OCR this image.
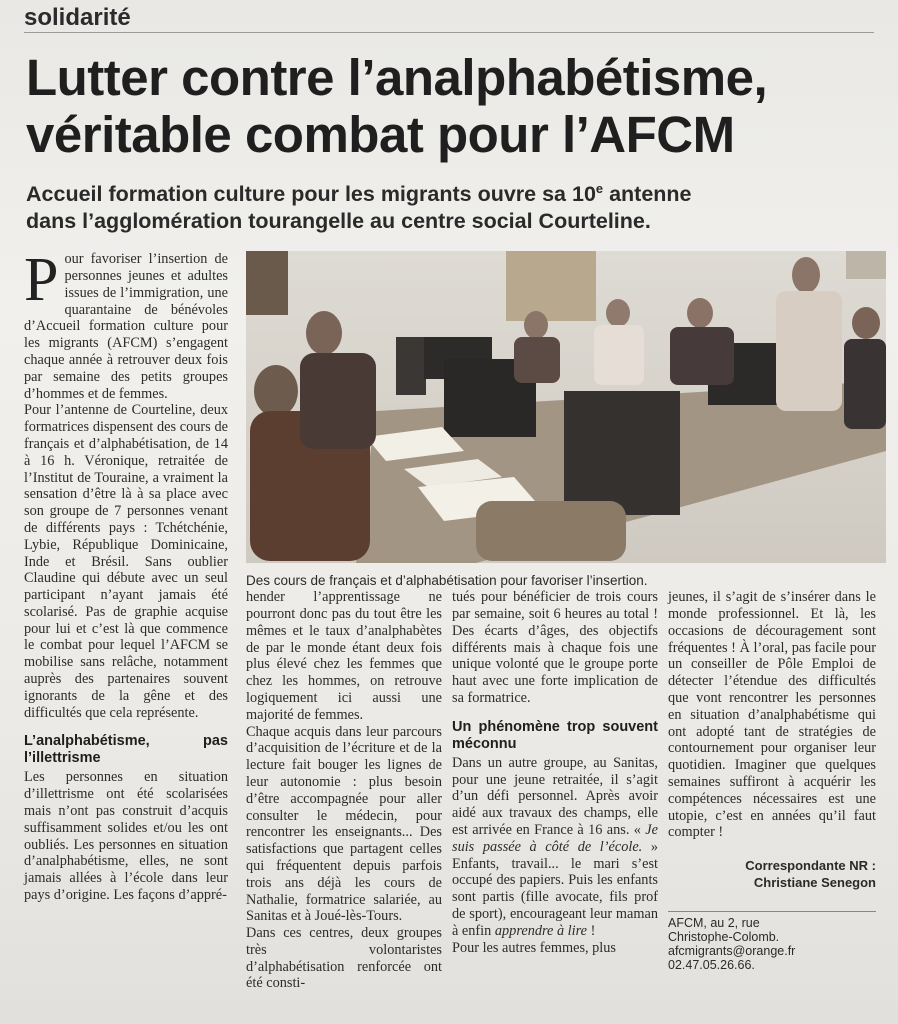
solidarité
Lutter contre l’analphabétisme,
véritable combat pour l’AFCM
Accueil formation culture pour les migrants ouvre sa 10e antenne
dans l’agglomération tourangelle au centre social Courteline.
P our favoriser l’insertion de personnes jeunes et adultes issues de l’immigration, une quarantaine de bénévoles d’Accueil formation culture pour les migrants (AFCM) s’engagent chaque année à retrouver deux fois par semaine des petits groupes d’hommes et de femmes.

Pour l’antenne de Courteline, deux formatrices dispensent des cours de français et d’alphabétisation, de 14 à 16 h. Véronique, retraitée de l’Institut de Touraine, a vraiment la sensation d’être là à sa place avec son groupe de 7 personnes venant de différents pays : Tchétchénie, Lybie, République Dominicaine, Inde et Brésil. Sans oublier Claudine qui débute avec un seul participant n’ayant jamais été scolarisé. Pas de graphie acquise pour lui et c’est là que commence le combat pour lequel l’AFCM se mobilise sans relâche, notamment auprès des partenaires souvent ignorants de la gêne et des difficultés que cela représente.

L’analphabétisme, pas l’illettrisme

Les personnes en situation d’illettrisme ont été scolarisées mais n’ont pas construit d’acquis suffisamment solides et/ou les ont oubliés. Les personnes en situation d’analphabétisme, elles, ne sont jamais allées à l’école dans leur pays d’origine. Les façons d’appré-

Des cours de français et d’alphabétisation pour favoriser l’insertion.

hender l’apprentissage ne pourront donc pas du tout être les mêmes et le taux d’analphabètes de par le monde étant deux fois plus élevé chez les femmes que chez les hommes, on retrouve logiquement ici aussi une majorité de femmes.

Chaque acquis dans leur parcours d’acquisition de l’écriture et de la lecture fait bouger les lignes de leur autonomie : plus besoin d’être accompagnée pour aller consulter le médecin, pour rencontrer les enseignants... Des satisfactions que partagent celles qui fréquentent depuis parfois trois ans déjà les cours de Nathalie, formatrice salariée, au Sanitas et à Joué-lès-Tours.

Dans ces centres, deux groupes très volontaristes d’alphabétisation renforcée ont été consti-

tués pour bénéficier de trois cours par semaine, soit 6 heures au total ! Des écarts d’âges, des objectifs différents mais à chaque fois une unique volonté que le groupe porte haut avec une forte implication de sa formatrice.

Un phénomène trop souvent méconnu

Dans un autre groupe, au Sanitas, pour une jeune retraitée, il s’agit d’un défi personnel. Après avoir aidé aux travaux des champs, elle est arrivée en France à 16 ans. « Je suis passée à côté de l’école. » Enfants, travail... le mari s’est occupé des papiers. Puis les enfants sont partis (fille avocate, fils prof de sport), encourageant leur maman à enfin apprendre à lire !

Pour les autres femmes, plus

jeunes, il s’agit de s’insérer dans le monde professionnel. Et là, les occasions de découragement sont fréquentes ! À l’oral, pas facile pour un conseiller de Pôle Emploi de détecter l’étendue des difficultés que vont rencontrer les personnes en situation d’analphabétisme qui ont adopté tant de stratégies de contournement pour organiser leur quotidien. Imaginer que quelques semaines suffiront à acquérir les compétences nécessaires est une utopie, c’est en années qu’il faut compter !

Correspondante NR :
Christiane Senegon
AFCM, au 2, rue
Christophe-Colomb.
afcmigrants@orange.fr
02.47.05.26.66.
